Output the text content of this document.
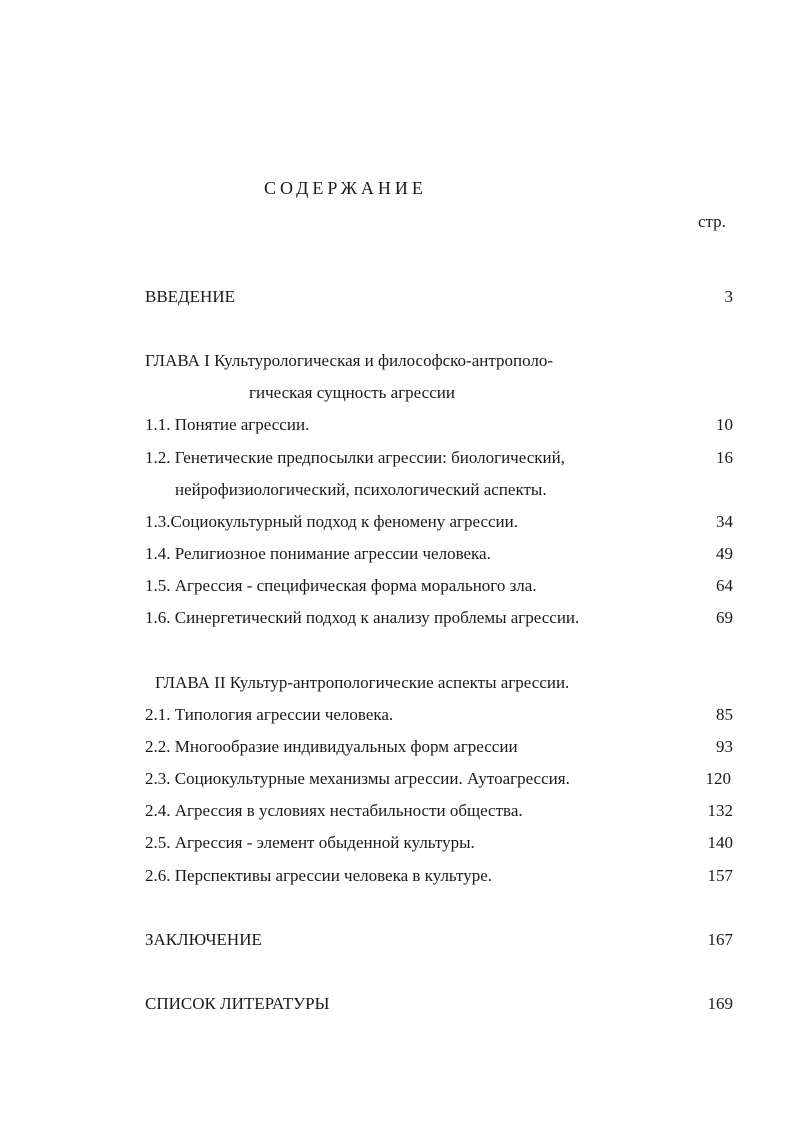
СОДЕРЖАНИЕ
стр.
ВВЕДЕНИЕ	3
ГЛАВА I Культурологическая и философско-антрополо-
гическая сущность агрессии
1.1. Понятие агрессии.	10
1.2. Генетические предпосылки агрессии: биологический,	16
нейрофизиологический, психологический аспекты.
1.3.Социокультурный подход к феномену агрессии.	34
1.4. Религиозное понимание агрессии человека.	49
1.5. Агрессия - специфическая форма морального зла.	64
1.6. Синергетический подход к анализу проблемы агрессии.	69
ГЛАВА II Культур-антропологические аспекты агрессии.
2.1. Типология агрессии человека.	85
2.2. Многообразие индивидуальных форм агрессии	93
2.3. Социокультурные механизмы агрессии. Аутоагрессия.	120
2.4. Агрессия в условиях нестабильности общества.	132
2.5. Агрессия - элемент обыденной культуры.	140
2.6. Перспективы агрессии человека в культуре.	157
ЗАКЛЮЧЕНИЕ	167
СПИСОК ЛИТЕРАТУРЫ	169
